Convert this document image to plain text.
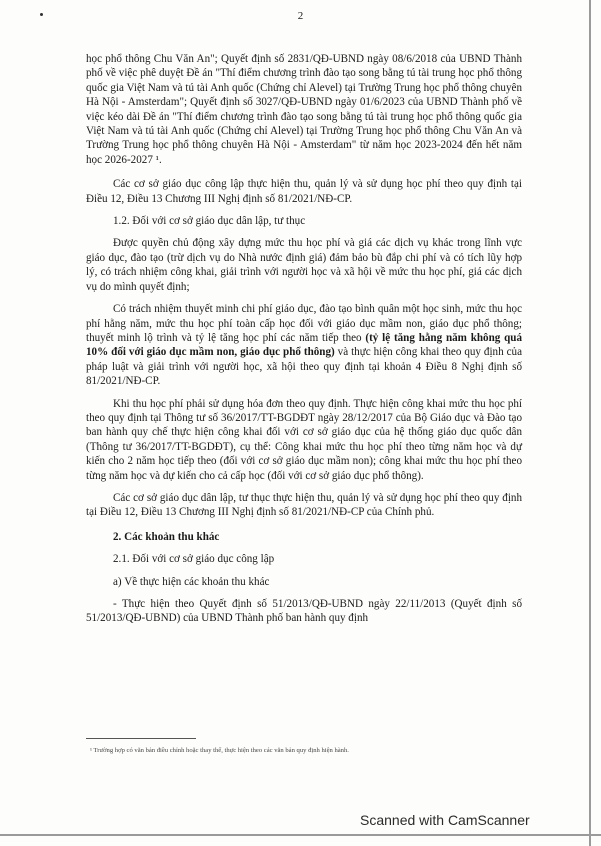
2

học phổ thông Chu Văn An"; Quyết định số 2831/QĐ-UBND ngày 08/6/2018 của UBND Thành phố về việc phê duyệt Đề án "Thí điểm chương trình đào tạo song bằng tú tài trung học phổ thông quốc gia Việt Nam và tú tài Anh quốc (Chứng chỉ Alevel) tại Trường Trung học phổ thông chuyên Hà Nội - Amsterdam"; Quyết định số 3027/QĐ-UBND ngày 01/6/2023 của UBND Thành phố về việc kéo dài Đề án "Thí điểm chương trình đào tạo song bằng tú tài trung học phổ thông quốc gia Việt Nam và tú tài Anh quốc (Chứng chỉ Alevel) tại Trường Trung học phổ thông Chu Văn An và Trường Trung học phổ thông chuyên Hà Nội - Amsterdam" từ năm học 2023-2024 đến hết năm học 2026-2027 ¹.

Các cơ sở giáo dục công lập thực hiện thu, quản lý và sử dụng học phí theo quy định tại Điều 12, Điều 13 Chương III Nghị định số 81/2021/NĐ-CP.

1.2. Đối với cơ sở giáo dục dân lập, tư thục

Được quyền chủ động xây dựng mức thu học phí và giá các dịch vụ khác trong lĩnh vực giáo dục, đào tạo (trừ dịch vụ do Nhà nước định giá) đảm bảo bù đắp chi phí và có tích lũy hợp lý, có trách nhiệm công khai, giải trình với người học và xã hội về mức thu học phí, giá các dịch vụ do mình quyết định;

Có trách nhiệm thuyết minh chi phí giáo dục, đào tạo bình quân một học sinh, mức thu học phí hằng năm, mức thu học phí toàn cấp học đối với giáo dục mầm non, giáo dục phổ thông; thuyết minh lộ trình và tỷ lệ tăng học phí các năm tiếp theo (tỷ lệ tăng hằng năm không quá 10% đối với giáo dục mầm non, giáo dục phổ thông) và thực hiện công khai theo quy định của pháp luật và giải trình với người học, xã hội theo quy định tại khoản 4 Điều 8 Nghị định số 81/2021/NĐ-CP.

Khi thu học phí phải sử dụng hóa đơn theo quy định. Thực hiện công khai mức thu học phí theo quy định tại Thông tư số 36/2017/TT-BGDĐT ngày 28/12/2017 của Bộ Giáo dục và Đào tạo ban hành quy chế thực hiện công khai đối với cơ sở giáo dục của hệ thống giáo dục quốc dân (Thông tư 36/2017/TT-BGDĐT), cụ thể: Công khai mức thu học phí theo từng năm học và dự kiến cho 2 năm học tiếp theo (đối với cơ sở giáo dục mầm non); công khai mức thu học phí theo từng năm học và dự kiến cho cả cấp học (đối với cơ sở giáo dục phổ thông).

Các cơ sở giáo dục dân lập, tư thục thực hiện thu, quản lý và sử dụng học phí theo quy định tại Điều 12, Điều 13 Chương III Nghị định số 81/2021/NĐ-CP của Chính phủ.

2. Các khoản thu khác

2.1. Đối với cơ sở giáo dục công lập

a) Về thực hiện các khoản thu khác

- Thực hiện theo Quyết định số 51/2013/QĐ-UBND ngày 22/11/2013 (Quyết định số 51/2013/QĐ-UBND) của UBND Thành phố ban hành quy định

¹ Trường hợp có văn bản điều chỉnh hoặc thay thế, thực hiện theo các văn bản quy định hiện hành.
Scanned with CamScanner
